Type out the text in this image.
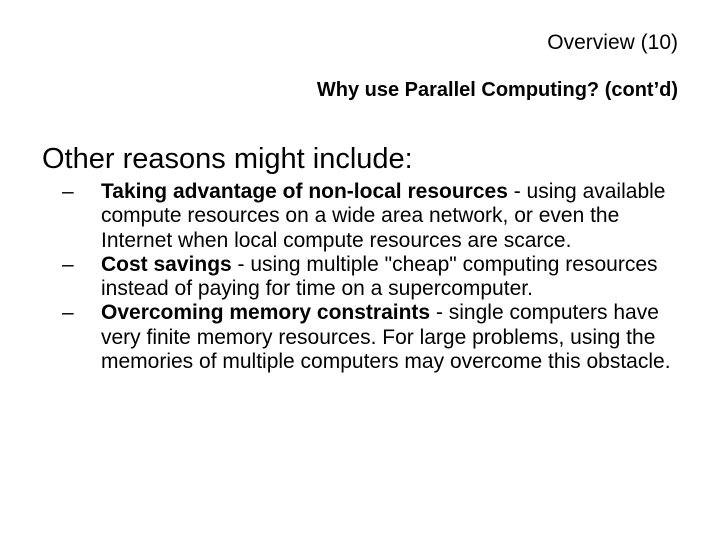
Overview (10)
Why use Parallel Computing? (cont’d)
Other reasons might include:
– Taking advantage of non-local resources - using available compute resources on a wide area network, or even the Internet when local compute resources are scarce.
– Cost savings - using multiple "cheap" computing resources instead of paying for time on a supercomputer.
– Overcoming memory constraints - single computers have very finite memory resources. For large problems, using the memories of multiple computers may overcome this obstacle.
